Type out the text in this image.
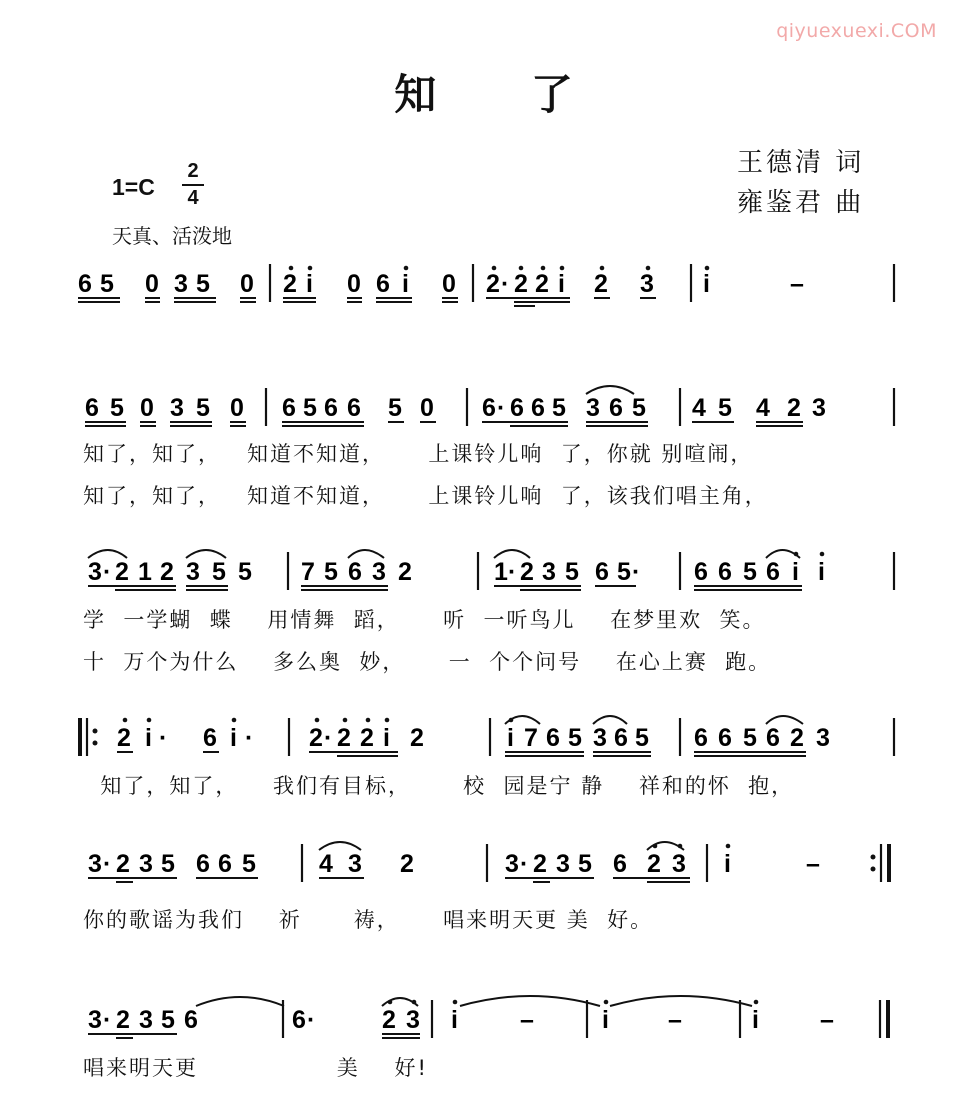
qiyuexuexi.COM
知 了
王德清 词
雍鉴君 曲
1=C
2
4
天真、活泼地
6 5 0 3 5 0 2 i 0 6 i 0 2 · 2 2 i 2 3 i	–
6 5 0 3 5 0 6 5 6 6 5 0 6 · 6 6 5 3 6 5 4 5 4 2 3
3 · 2 1 2 3 5 5 7 5 6 3 2	1 · 2 3 5 6 5 · 6 6 5 6 i i
2 i · 6 i · 2 · 2 2 i 2	i 7 6 5 3 6 5 6 6 5 6 2 3
3 · 2 3 5 6 6 5	4 3 2	3 · 2 3 5 6 2 3 i	–
3 · 2 3 5 6	6 ·	2 3 i –	i –	i –
知了，知了，   知道不知道，     上课铃儿响  了，你就 别喧闹，
知了，知了，   知道不知道，     上课铃儿响  了，该我们唱主角，
学  一学蝴  蝶    用情舞  蹈，     听  一听鸟儿    在梦里欢  笑。
十  万个为什么    多么奥  妙，     一  个个问号    在心上赛  跑。
知了，知了，    我们有目标，      校  园是宁 静    祥和的怀  抱，
你的歌谣为我们    祈      祷，     唱来明天更 美  好。
唱来明天更                美    好!
